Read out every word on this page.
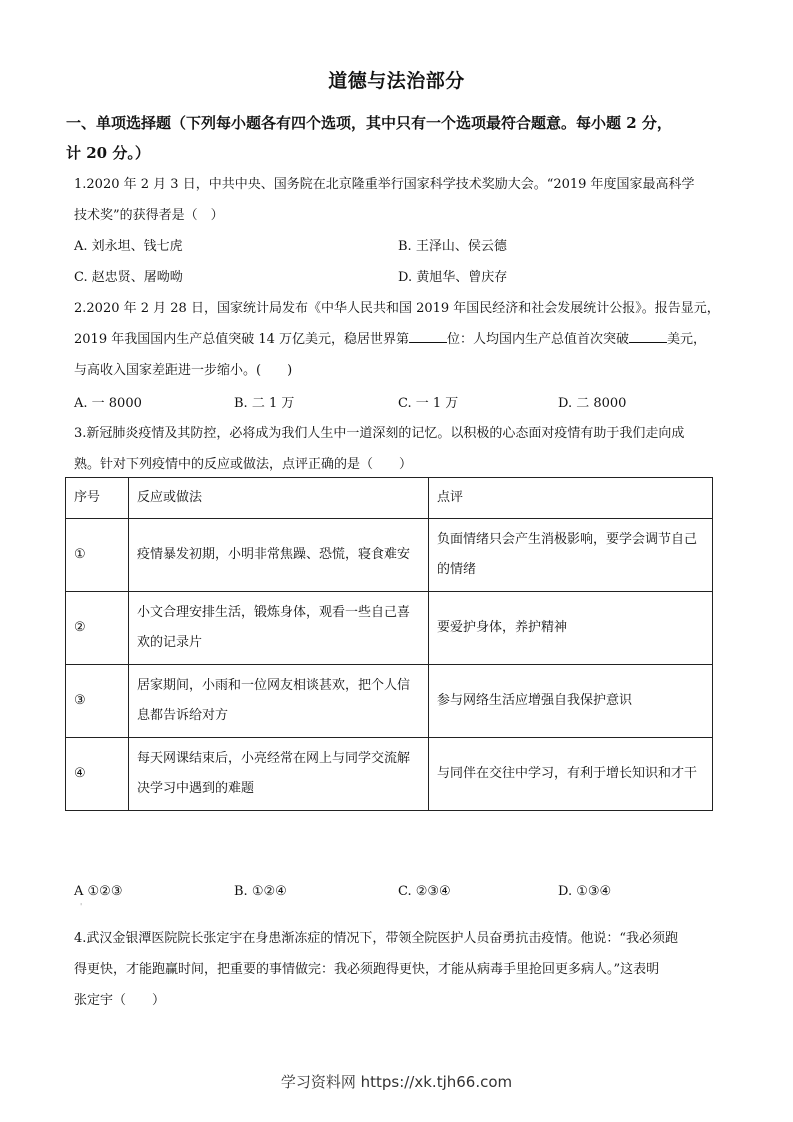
道德与法治部分
一、单项选择题（下列每小题各有四个选项，其中只有一个选项最符合题意。每小题 2 分，
计 20 分。）
1.2020 年 2 月 3 日，中共中央、国务院在北京隆重举行国家科学技术奖励大会。“2019 年度国家最高科学
技术奖”的获得者是（　）
A. 刘永坦、钱七虎	B. 王泽山、侯云德
C. 赵忠贤、屠呦呦	D. 黄旭华、曾庆存
2.2020 年 2 月 28 日，国家统计局发布《中华人民共和国 2019 年国民经济和社会发展统计公报》。报告显元，
2019 年我国国内生产总值突破 14 万亿美元，稳居世界第	位：人均国内生产总值首次突破	美元，
与高收入国家差距进一步缩小。(　　)
A. 一 8000	B. 二 1 万	C. 一 1 万	D. 二 8000
3.新冠肺炎疫情及其防控，必将成为我们人生中一道深刻的记忆。以积极的心态面对疫情有助于我们走向成
熟。针对下列疫情中的反应或做法，点评正确的是（　　）
序号	反应或做法	点评
①	疫情暴发初期，小明非常焦躁、恐慌，寝食难安	负面情绪只会产生消极影响，要学会调节自己的情绪
②	小文合理安排生活，锻炼身体，观看一些自己喜欢的记录片	要爱护身体，养护精神
③	居家期间，小雨和一位网友相谈甚欢，把个人信息都告诉给对方	参与网络生活应增强自我保护意识
④	每天网课结束后，小亮经常在网上与同学交流解决学习中遇到的难题	与同伴在交往中学习，有利于增长知识和才干
A ①②③	B. ①②④	C. ②③④	D. ①③④
'
4.武汉金银潭医院院长张定宇在身患渐冻症的情况下，带领全院医护人员奋勇抗击疫情。他说：“我必须跑
得更快，才能跑赢时间，把重要的事情做完：我必须跑得更快，才能从病毒手里抢回更多病人。”这表明
张定宇（　　）
学习资料网 https://xk.tjh66.com
